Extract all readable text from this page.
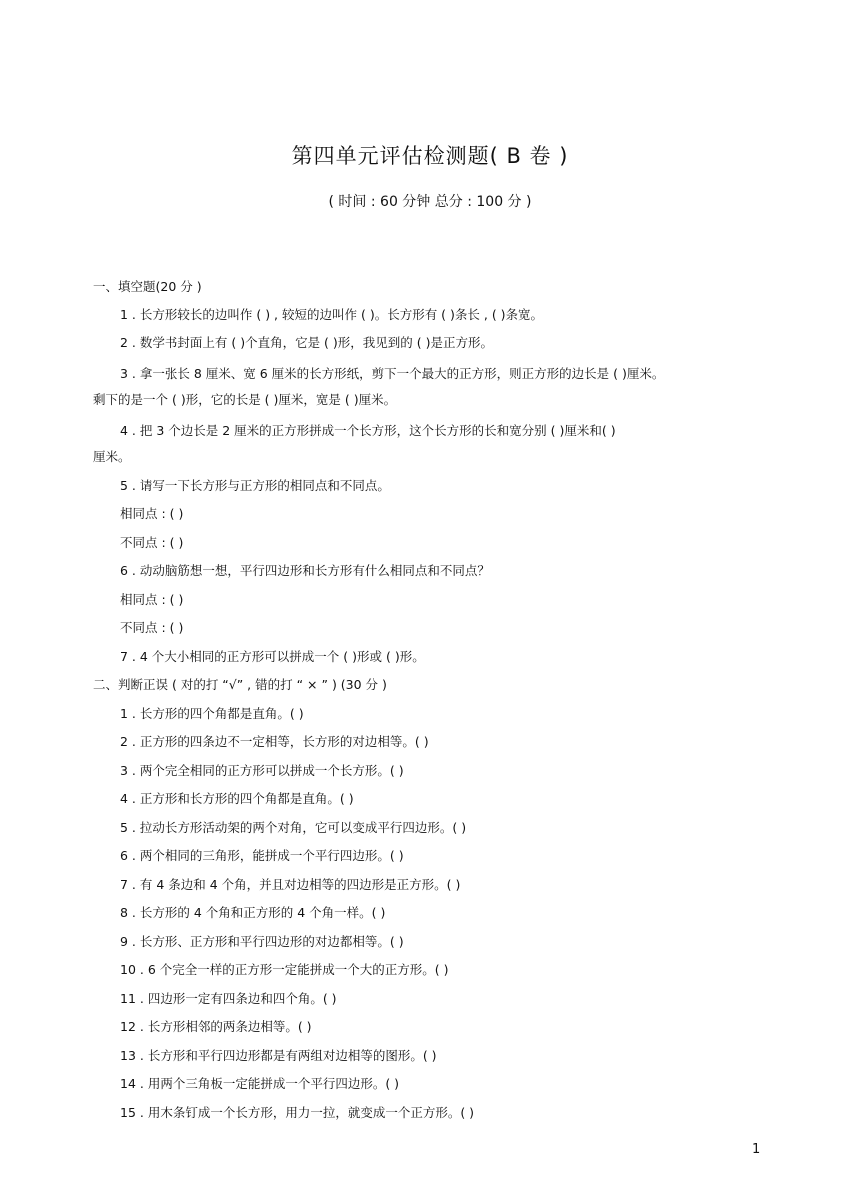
第四单元评估检测题( B 卷 )
( 时间 : 60 分钟 总分 : 100 分 )
一、填空题(20 分 )
1 . 长方形较长的边叫作 ( ) , 较短的边叫作 ( )。长方形有 ( )条长 , ( )条宽。
2 . 数学书封面上有 ( )个直角，它是 ( )形，我见到的 ( )是正方形。
3 . 拿一张长 8 厘米、宽 6 厘米的长方形纸，剪下一个最大的正方形，则正方形的边长是 ( )厘米。
剩下的是一个 ( )形，它的长是 ( )厘米，宽是 ( )厘米。
4 . 把 3 个边长是 2 厘米的正方形拼成一个长方形，这个长方形的长和宽分别 ( )厘米和( )
厘米。
5 . 请写一下长方形与正方形的相同点和不同点。
相同点 : ( )
不同点 : ( )
6 . 动动脑筋想一想，平行四边形和长方形有什么相同点和不同点？
相同点 : ( )
不同点 : ( )
7 . 4 个大小相同的正方形可以拼成一个 ( )形或 ( )形。
二、判断正误 ( 对的打 “√” , 错的打 “ × ” ) (30 分 )
1 . 长方形的四个角都是直角。( )
2 . 正方形的四条边不一定相等，长方形的对边相等。( )
3 . 两个完全相同的正方形可以拼成一个长方形。( )
4 . 正方形和长方形的四个角都是直角。( )
5 . 拉动长方形活动架的两个对角，它可以变成平行四边形。( )
6 . 两个相同的三角形，能拼成一个平行四边形。( )
7 . 有 4 条边和 4 个角，并且对边相等的四边形是正方形。( )
8 . 长方形的 4 个角和正方形的 4 个角一样。( )
9 . 长方形、正方形和平行四边形的对边都相等。( )
10 . 6 个完全一样的正方形一定能拼成一个大的正方形。( )
11 . 四边形一定有四条边和四个角。( )
12 . 长方形相邻的两条边相等。( )
13 . 长方形和平行四边形都是有两组对边相等的图形。( )
14 . 用两个三角板一定能拼成一个平行四边形。( )
15 . 用木条钉成一个长方形，用力一拉，就变成一个正方形。( )
1
